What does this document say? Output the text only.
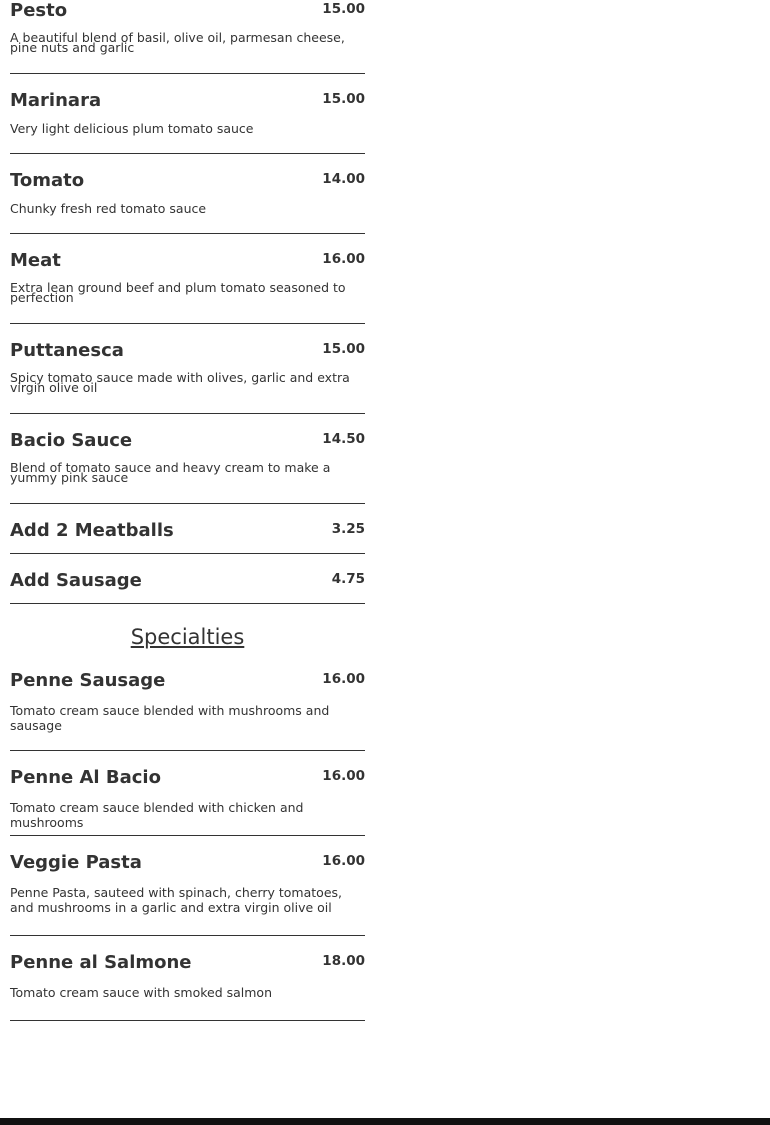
Pesto	15.00
A beautiful blend of basil, olive oil, parmesan cheese, pine nuts and garlic
Marinara	15.00
Very light delicious plum tomato sauce
Tomato	14.00
Chunky fresh red tomato sauce
Meat	16.00
Extra lean ground beef and plum tomato seasoned to perfection
Puttanesca	15.00
Spicy tomato sauce made with olives, garlic and extra virgin olive oil
Bacio Sauce	14.50
Blend of tomato sauce and heavy cream to make a yummy pink sauce
Add 2 Meatballs	3.25
Add Sausage	4.75
Specialties
Penne Sausage	16.00
Tomato cream sauce blended with mushrooms and sausage
Penne Al Bacio	16.00
Tomato cream sauce blended with chicken and mushrooms
Veggie Pasta	16.00
Penne Pasta, sauteed with spinach, cherry tomatoes, and mushrooms in a garlic and extra virgin olive oil
Penne al Salmone	18.00
Tomato cream sauce with smoked salmon
